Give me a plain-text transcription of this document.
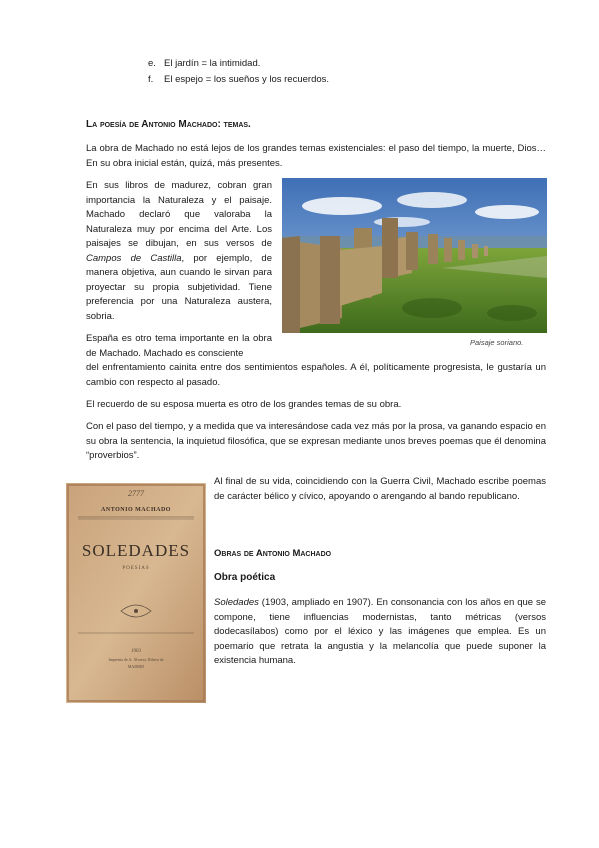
e. El jardín = la intimidad.
f. El espejo = los sueños y los recuerdos.
La poesía de Antonio Machado: temas.

La obra de Machado no está lejos de los grandes temas existenciales: el paso del tiempo, la muerte, Dios… En su obra inicial están, quizá, más presentes.

En sus libros de madurez, cobran gran importancia la Naturaleza y el paisaje. Machado declaró que valoraba la Naturaleza muy por encima del Arte. Los paisajes se dibujan, en sus versos de Campos de Castilla, por ejemplo, de manera objetiva, aun cuando le sirvan para proyectar su propia subjetividad. Tiene preferencia por una Naturaleza austera, sobria.

Paisaje soriano.

España es otro tema importante en la obra de Machado. Machado es consciente

del enfrentamiento cainita entre dos sentimientos españoles. A él, políticamente progresista, le gustaría un cambio con respecto al pasado.

El recuerdo de su esposa muerta es otro de los grandes temas de su obra.

Con el paso del tiempo, y a medida que va interesándose cada vez más por la prosa, va ganando espacio en su obra la sentencia, la inquietud filosófica, que se expresan mediante unos breves poemas que él denomina “proverbios”.

2777
ANTONIO MACHADO
SOLEDADES
POESIAS
1903
Imprenta de A. Álvarez, Ribera de
MADRID

Al final de su vida, coincidiendo con la Guerra Civil, Machado escribe poemas de carácter bélico y cívico, apoyando o arengando al bando republicano.

Obras de Antonio Machado
Obra poética

Soledades (1903, ampliado en 1907). En consonancia con los años en que se compone, tiene influencias modernistas, tanto métricas (versos dodecasílabos) como por el léxico y las imágenes que emplea. Es un poemario que retrata la angustia y la melancolía que puede suponer la existencia humana.
